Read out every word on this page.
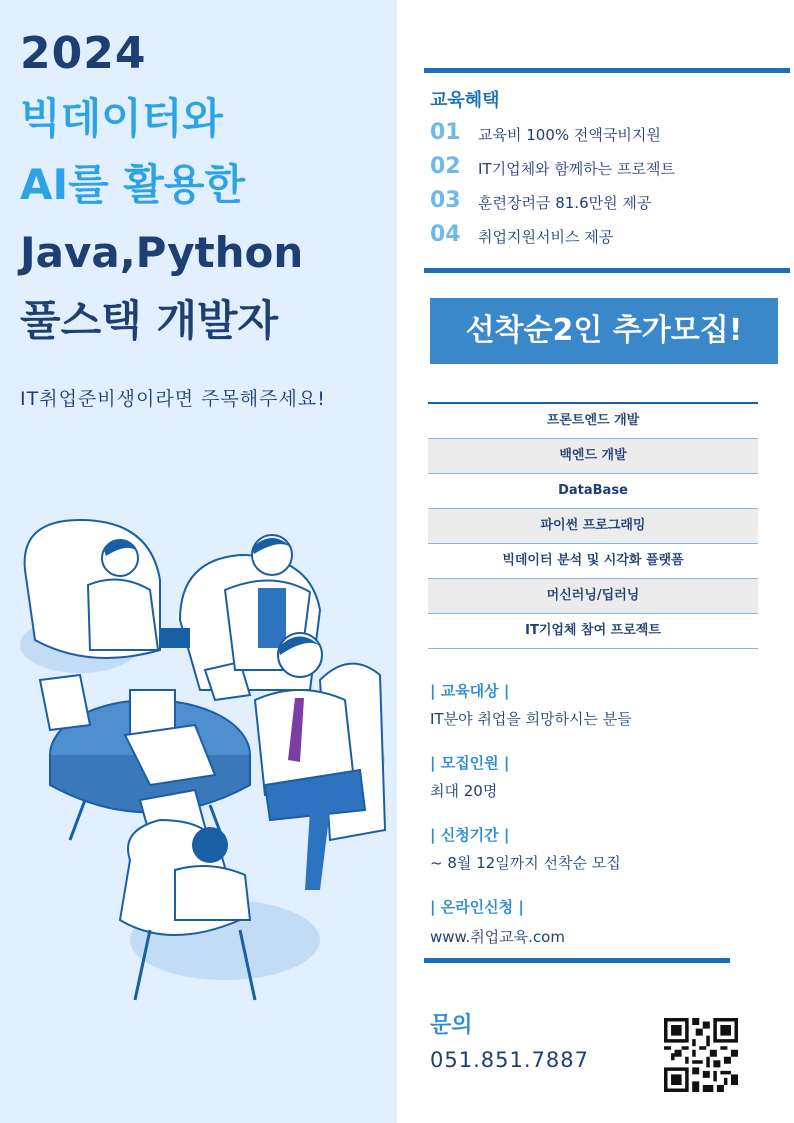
2024
빅데이터와
AI를 활용한
Java,Python
풀스택 개발자
IT취업준비생이라면 주목해주세요!
교육혜택
01 교육비 100% 전액국비지원
02 IT기업체와 함께하는 프로젝트
03 훈련장려금 81.6만원 제공
04 취업지원서비스 제공
선착순2인 추가모집!
프론트엔드 개발
백엔드 개발
DataBase
파이썬 프로그래밍
빅데이터 분석 및 시각화 플랫폼
머신러닝/딥러닝
IT기업체 참여 프로젝트
| 교육대상 |
IT분야 취업을 희망하시는 분들
| 모집인원 |
최대 20명
| 신청기간 |
~ 8월 12일까지 선착순 모집
| 온라인신청 |
www.취업교육.com
문의
051.851.7887
